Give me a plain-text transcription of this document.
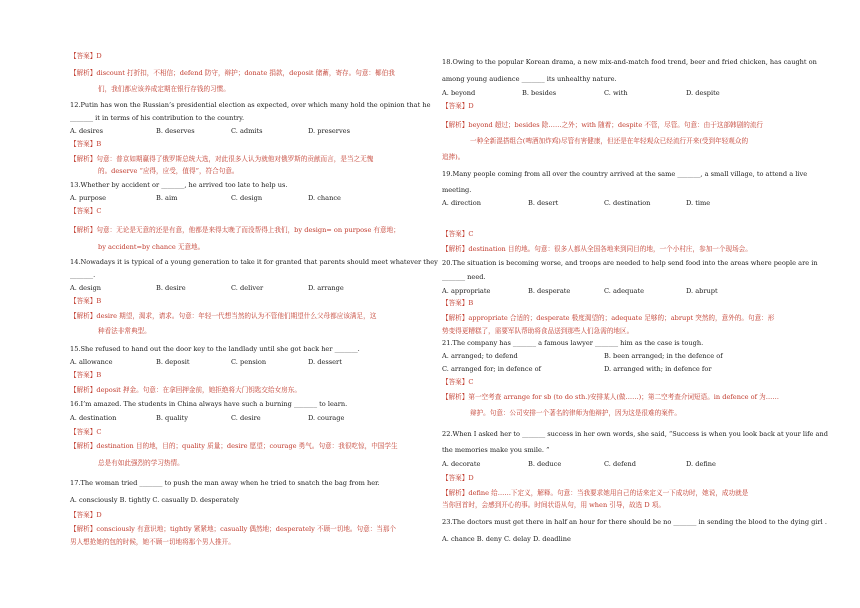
【答案】D
【解析】discount 打折扣，不相信；defend 防守，辩护；donate 捐款，deposit 储蓄，寄存。句意：椰伯我
们，我们都应该养成定期在银行存钱的习惯。
12.Putin has won the Russian’s presidential election as expected, over which many hold the opinion that he
_______ it in terms of his contribution to the country.
A. desires	B. deserves	C. admits	D. preserves
【答案】B
【解析】句意：普京如期赢得了俄罗斯总统大选，对此很多人认为就他对俄罗斯的贡献而言，是当之无愧
的。deserve “应得，应受，值得”，符合句意。
13.Whether by accident or _______, he arrived too late to help us.
A. purpose	B. aim	C. design	D. chance
【答案】C
【解析】句意：无论是无意的还是有意，他都是来得太晚了而没帮得上我们，by design= on purpose 有意地；
by accident=by chance 无意地。
14.Nowadays it is typical of a young generation to take it for granted that parents should meet whatever they
_______.
A. design	B. desire	C. deliver	D. arrange
【答案】B
【解析】desire 期望，渴求，请求。句意：年轻一代想当然的认为不管他们期望什么父母都应该满足，这
种看法非常典型。
15.She refused to hand out the door key to the landlady until she got back her _______.
A. allowance	B. deposit	C. pension	D. dessert
【答案】B
【解析】deposit 押金。句意：在拿回押金前，她拒绝将大门钥匙交给女房东。
16.I’m amazed. The students in China always have such a burning _______ to learn.
A. destination	B. quality	C. desire	D. courage
【答案】C
【解析】destination 目的地，目的；quality 质量；desire 愿望；courage 勇气。句意：我很吃惊，中国学生
总是有如此强烈的学习热情。
17.The woman tried _______ to push the man away when he tried to snatch the bag from her.
A. consciously B. tightly C. casually D. desperately
【答案】D
【解析】consciously 有意识地；tightly 紧紧地；casually 偶然地；desperately 不顾一切地。句意：当那个
男人想抢她的包的时候，她不顾一切地将那个男人推开。
18.Owing to the popular Korean drama, a new mix-and-match food trend, beer and fried chicken, has caught on
among young audience _______ its unhealthy nature.
A. beyond	B. besides	C. with	D. despite
【答案】D
【解析】beyond 超过；besides 除……之外；with 随着；despite 不管，尽管。句意：由于这部韩剧的流行
一种全新混搭组合(啤酒加炸鸡)尽管有害健康，但还是在年轻观众已经流行开来(受到年轻观众的
追捧)。
19.Many people coming from all over the country arrived at the same _______, a small village, to attend a live
meeting.
A. direction	B. desert	C. destination	D. time
【答案】C
【解析】destination 目的地。句意：很多人都从全国各地来到同目的地，一个小村庄，参加一个现场会。
20.The situation is becoming worse, and troops are needed to help send food into the areas where people are in
_______ need.
A. appropriate	B. desperate	C. adequate	D. abrupt
【答案】B
【解析】appropriate 合适的；desperate 极度渴望的；adequate 足够的；abrupt 突然的，意外的。句意：形
势变得更糟糕了，需要军队帮助将食品送到那些人们急需的地区。
21.The company has _______ a famous lawyer _______ him as the case is tough.
A. arranged; to defend	B. been arranged; in the defence of
C. arranged for; in defence of	D. arranged with; in defence for
【答案】C
【解析】第一空考查 arrange for sb (to do sth.)安排某人(做……)；第二空考查介词短语。in defence of 为……
辩护。句意：公司安排一个著名的律师为他辩护，因为这是很难的案件。
22.When I asked her to _______ success in her own words, she said, “Success is when you look back at your life and
the memories make you smile. ”
A. decorate	B. deduce	C. defend	D. define
【答案】D
【解析】define 给……下定义，解释。句意：当我要求她用自己的话来定义一下成功时，她说，成功就是
当你回首时，会感到开心的事。时间状语从句，用 when 引导，故选 D 项。
23.The doctors must get there in half an hour for there should be no _______ in sending the blood to the dying girl .
A. chance B. deny C. delay D. deadline
